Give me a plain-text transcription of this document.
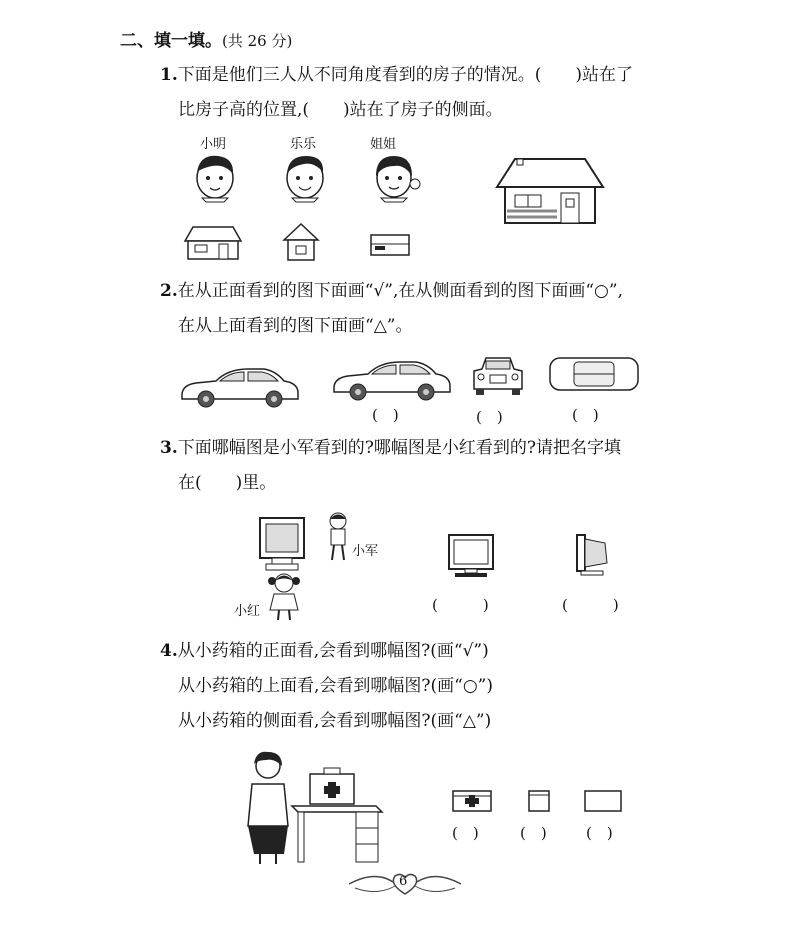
二、填一填。(共 26 分)
1.下面是他们三人从不同角度看到的房子的情况。(　　)站在了
比房子高的位置,(　　)站在了房子的侧面。
小明	乐乐	姐姐
2.在从正面看到的图下面画“√”,在从侧面看到的图下面画“○”,
在从上面看到的图下面画“△”。
(　)	(　)	(　)
3.下面哪幅图是小军看到的?哪幅图是小红看到的?请把名字填
在(　　)里。
小军
小红	(　　　)	(　　　)
4.从小药箱的正面看,会看到哪幅图?(画“√”)
从小药箱的上面看,会看到哪幅图?(画“○”)
从小药箱的侧面看,会看到哪幅图?(画“△”)
(　)	(　)	(　)
6
